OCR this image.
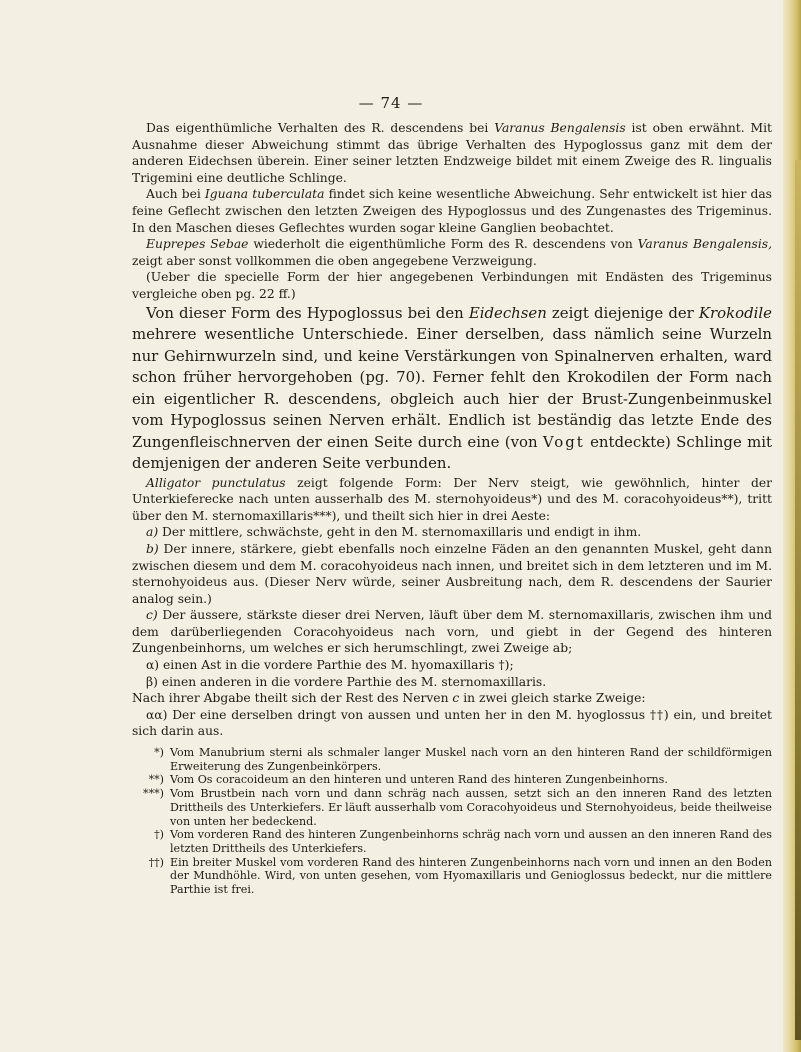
— 74 —

Das eigenthümliche Verhalten des R. descendens bei Varanus Bengalensis ist oben erwähnt. Mit Ausnahme dieser Abweichung stimmt das übrige Verhalten des Hypoglossus ganz mit dem der anderen Eidechsen überein. Einer seiner letzten Endzweige bildet mit einem Zweige des R. lingualis Trigemini eine deutliche Schlinge.

Auch bei Iguana tuberculata findet sich keine wesentliche Abweichung. Sehr entwickelt ist hier das feine Geflecht zwischen den letzten Zweigen des Hypoglossus und des Zungenastes des Trigeminus. In den Maschen dieses Geflechtes wurden sogar kleine Ganglien beobachtet.

Euprepes Sebae wiederholt die eigenthümliche Form des R. descendens von Varanus Bengalensis, zeigt aber sonst vollkommen die oben angegebene Verzweigung.

(Ueber die specielle Form der hier angegebenen Verbindungen mit Endästen des Trigeminus vergleiche oben pg. 22 ff.)

Von dieser Form des Hypoglossus bei den Eidechsen zeigt diejenige der Krokodile mehrere wesentliche Unterschiede. Einer derselben, dass nämlich seine Wurzeln nur Gehirnwurzeln sind, und keine Verstärkungen von Spinalnerven erhalten, ward schon früher hervorgehoben (pg. 70). Ferner fehlt den Krokodilen der Form nach ein eigentlicher R. descendens, obgleich auch hier der Brust-Zungenbeinmuskel vom Hypoglossus seinen Nerven erhält. Endlich ist beständig das letzte Ende des Zungenfleischnerven der einen Seite durch eine (von Vogt entdeckte) Schlinge mit demjenigen der anderen Seite verbunden.

Alligator punctulatus zeigt folgende Form: Der Nerv steigt, wie gewöhnlich, hinter der Unterkieferecke nach unten ausserhalb des M. sternohyoideus*) und des M. coracohyoideus**), tritt über den M. sternomaxillaris***), und theilt sich hier in drei Aeste:

a) Der mittlere, schwächste, geht in den M. sternomaxillaris und endigt in ihm.

b) Der innere, stärkere, giebt ebenfalls noch einzelne Fäden an den genannten Muskel, geht dann zwischen diesem und dem M. coracohyoideus nach innen, und breitet sich in dem letzteren und im M. sternohyoideus aus. (Dieser Nerv würde, seiner Ausbreitung nach, dem R. descendens der Saurier analog sein.)

c) Der äussere, stärkste dieser drei Nerven, läuft über dem M. sternomaxillaris, zwischen ihm und dem darüberliegenden Coracohyoideus nach vorn, und giebt in der Gegend des hinteren Zungenbeinhorns, um welches er sich herumschlingt, zwei Zweige ab;

α) einen Ast in die vordere Parthie des M. hyomaxillaris †);

β) einen anderen in die vordere Parthie des M. sternomaxillaris.

Nach ihrer Abgabe theilt sich der Rest des Nerven c in zwei gleich starke Zweige:

αα) Der eine derselben dringt von aussen und unten her in den M. hyoglossus ††) ein, und breitet sich darin aus.

*) Vom Manubrium sterni als schmaler langer Muskel nach vorn an den hinteren Rand der schildförmigen Erweiterung des Zungenbeinkörpers.
**) Vom Os coracoideum an den hinteren und unteren Rand des hinteren Zungenbeinhorns.
***) Vom Brustbein nach vorn und dann schräg nach aussen, setzt sich an den inneren Rand des letzten Drittheils des Unterkiefers. Er läuft ausserhalb vom Coracohyoideus und Sternohyoideus, beide theilweise von unten her bedeckend.
†) Vom vorderen Rand des hinteren Zungenbeinhorns schräg nach vorn und aussen an den inneren Rand des letzten Drittheils des Unterkiefers.
††) Ein breiter Muskel vom vorderen Rand des hinteren Zungenbeinhorns nach vorn und innen an den Boden der Mundhöhle. Wird, von unten gesehen, vom Hyomaxillaris und Genioglossus bedeckt, nur die mittlere Parthie ist frei.
